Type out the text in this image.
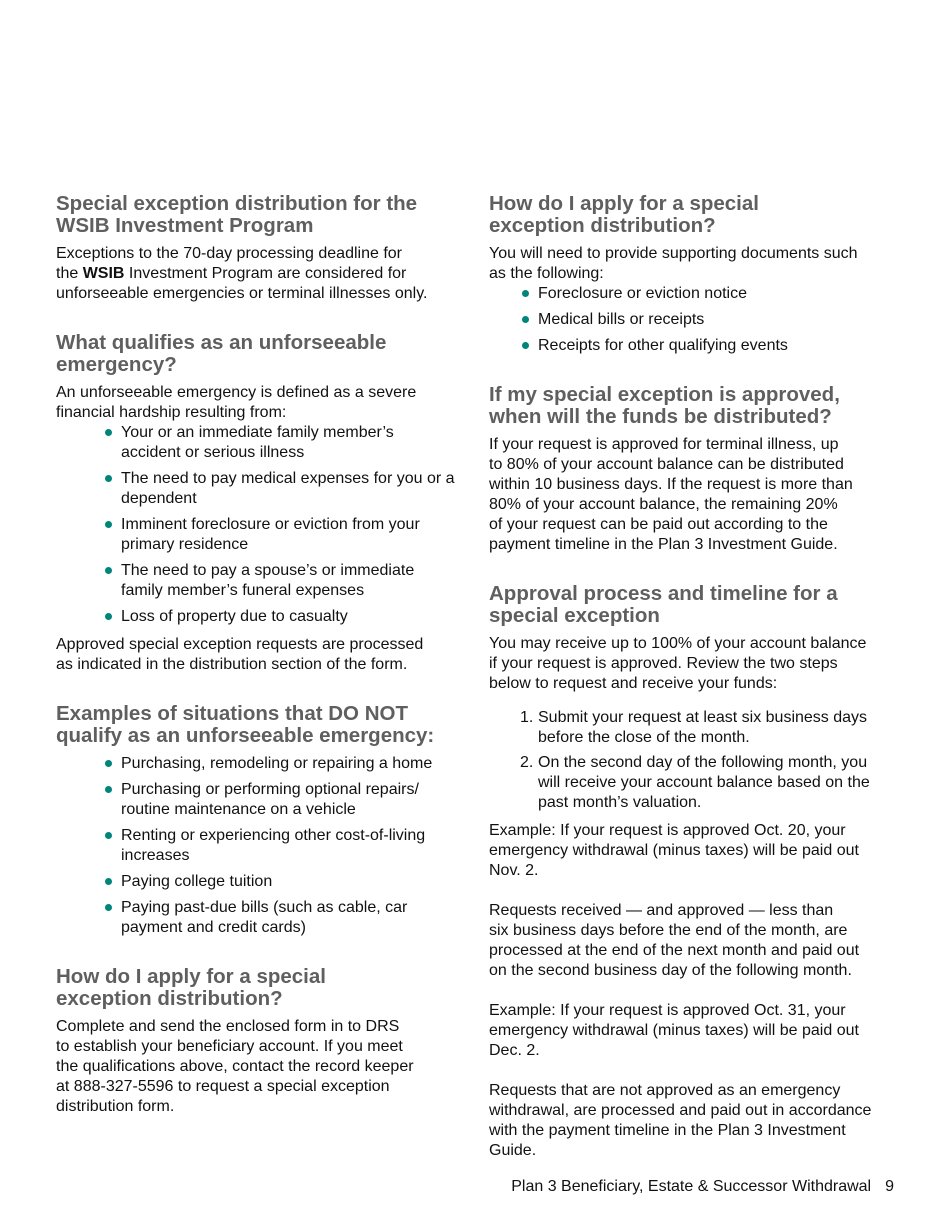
Special exception distribution for the
WSIB Investment Program

Exceptions to the 70-day processing deadline for
the WSIB Investment Program are considered for
unforseeable emergencies or terminal illnesses only.

What qualifies as an unforseeable
emergency?

An unforseeable emergency is defined as a severe
financial hardship resulting from:

Your or an immediate family member’s
accident or serious illness
The need to pay medical expenses for you or a
dependent
Imminent foreclosure or eviction from your
primary residence
The need to pay a spouse’s or immediate
family member’s funeral expenses
Loss of property due to casualty

Approved special exception requests are processed
as indicated in the distribution section of the form.

Examples of situations that DO NOT
qualify as an unforseeable emergency:
Purchasing, remodeling or repairing a home
Purchasing or performing optional repairs/
routine maintenance on a vehicle
Renting or experiencing other cost-of-living
increases
Paying college tuition
Paying past-due bills (such as cable, car
payment and credit cards)
How do I apply for a special
exception distribution?

Complete and send the enclosed form in to DRS
to establish your beneficiary account. If you meet
the qualifications above, contact the record keeper
at 888-327-5596 to request a special exception
distribution form.

How do I apply for a special
exception distribution?

You will need to provide supporting documents such
as the following:

Foreclosure or eviction notice
Medical bills or receipts
Receipts for other qualifying events
If my special exception is approved,
when will the funds be distributed?

If your request is approved for terminal illness, up
to 80% of your account balance can be distributed
within 10 business days. If the request is more than
80% of your account balance, the remaining 20%
of your request can be paid out according to the
payment timeline in the Plan 3 Investment Guide.

Approval process and timeline for a
special exception

You may receive up to 100% of your account balance
if your request is approved. Review the two steps
below to request and receive your funds:

1. Submit your request at least six business days
before the close of the month.
2. On the second day of the following month, you
will receive your account balance based on the
past month’s valuation.

Example: If your request is approved Oct. 20, your
emergency withdrawal (minus taxes) will be paid out
Nov. 2.

Requests received — and approved — less than
six business days before the end of the month, are
processed at the end of the next month and paid out
on the second business day of the following month.

Example: If your request is approved Oct. 31, your
emergency withdrawal (minus taxes) will be paid out
Dec. 2.

Requests that are not approved as an emergency
withdrawal, are processed and paid out in accordance
with the payment timeline in the Plan 3 Investment
Guide.

Plan 3 Beneficiary, Estate & Successor Withdrawal 9
